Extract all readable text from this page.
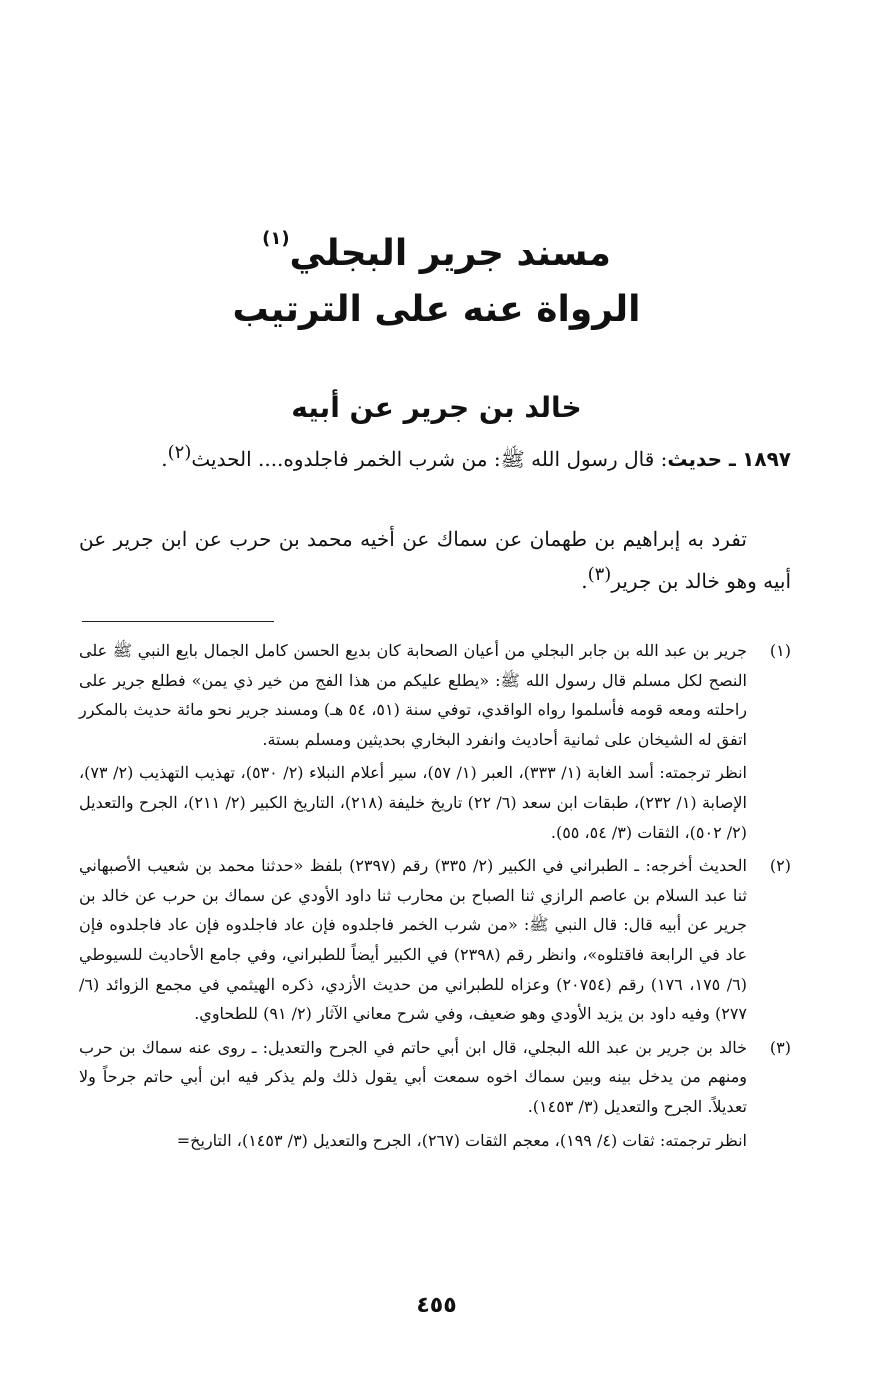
مسند جرير البجلي$^{(١)}$
الرواة عنه على الترتيب
خالد بن جرير عن أبيه

١٨٩٧ ـ حديث: قال رسول الله ﷺ: من شرب الخمر فاجلدوه.... الحديث(٢).

تفرد به إبراهيم بن طهمان عن سماك عن أخيه محمد بن حرب عن ابن جرير عن أبيه وهو خالد بن جرير(٣).

(١)

جرير بن عبد الله بن جابر البجلي من أعيان الصحابة كان بديع الحسن كامل الجمال بايع النبي ﷺ على النصح لكل مسلم قال رسول الله ﷺ: «يطلع عليكم من هذا الفج من خير ذي يمن» فطلع جرير على راحلته ومعه قومه فأسلموا رواه الواقدي، توفي سنة (٥١، ٥٤ هـ) ومسند جرير نحو مائة حديث بالمكرر اتفق له الشيخان على ثمانية أحاديث وانفرد البخاري بحديثين ومسلم بستة.

انظر ترجمته: أسد الغابة (١/ ٣٣٣)، العبر (١/ ٥٧)، سير أعلام النبلاء (٢/ ٥٣٠)، تهذيب التهذيب (٢/ ٧٣)، الإصابة (١/ ٢٣٢)، طبقات ابن سعد (٦/ ٢٢) تاريخ خليفة (٢١٨)، التاريخ الكبير (٢/ ٢١١)، الجرح والتعديل (٢/ ٥٠٢)، الثقات (٣/ ٥٤، ٥٥).

(٢)

الحديث أخرجه: ـ الطبراني في الكبير (٢/ ٣٣٥) رقم (٢٣٩٧) بلفظ «حدثنا محمد بن شعيب الأصبهاني ثنا عبد السلام بن عاصم الرازي ثنا الصباح بن محارب ثنا داود الأودي عن سماك بن حرب عن خالد بن جرير عن أبيه قال: قال النبي ﷺ: «من شرب الخمر فاجلدوه فإن عاد فاجلدوه فإن عاد فاجلدوه فإن عاد في الرابعة فاقتلوه»، وانظر رقم (٢٣٩٨) في الكبير أيضاً للطبراني، وفي جامع الأحاديث للسيوطي (٦/ ١٧٥، ١٧٦) رقم (٢٠٧٥٤) وعزاه للطبراني من حديث الأزدي، ذكره الهيثمي في مجمع الزوائد (٦/ ٢٧٧) وفيه داود بن يزيد الأودي وهو ضعيف، وفي شرح معاني الآثار (٢/ ٩١) للطحاوي.

(٣)

خالد بن جرير بن عبد الله البجلي، قال ابن أبي حاتم في الجرح والتعديل: ـ روى عنه سماك بن حرب ومنهم من يدخل بينه وبين سماك اخوه سمعت أبي يقول ذلك ولم يذكر فيه ابن أبي حاتم جرحاً ولا تعديلاً. الجرح والتعديل (٣/ ١٤٥٣).

انظر ترجمته: ثقات (٤/ ١٩٩)، معجم الثقات (٢٦٧)، الجرح والتعديل (٣/ ١٤٥٣)، التاريخ=

٤٥٥
